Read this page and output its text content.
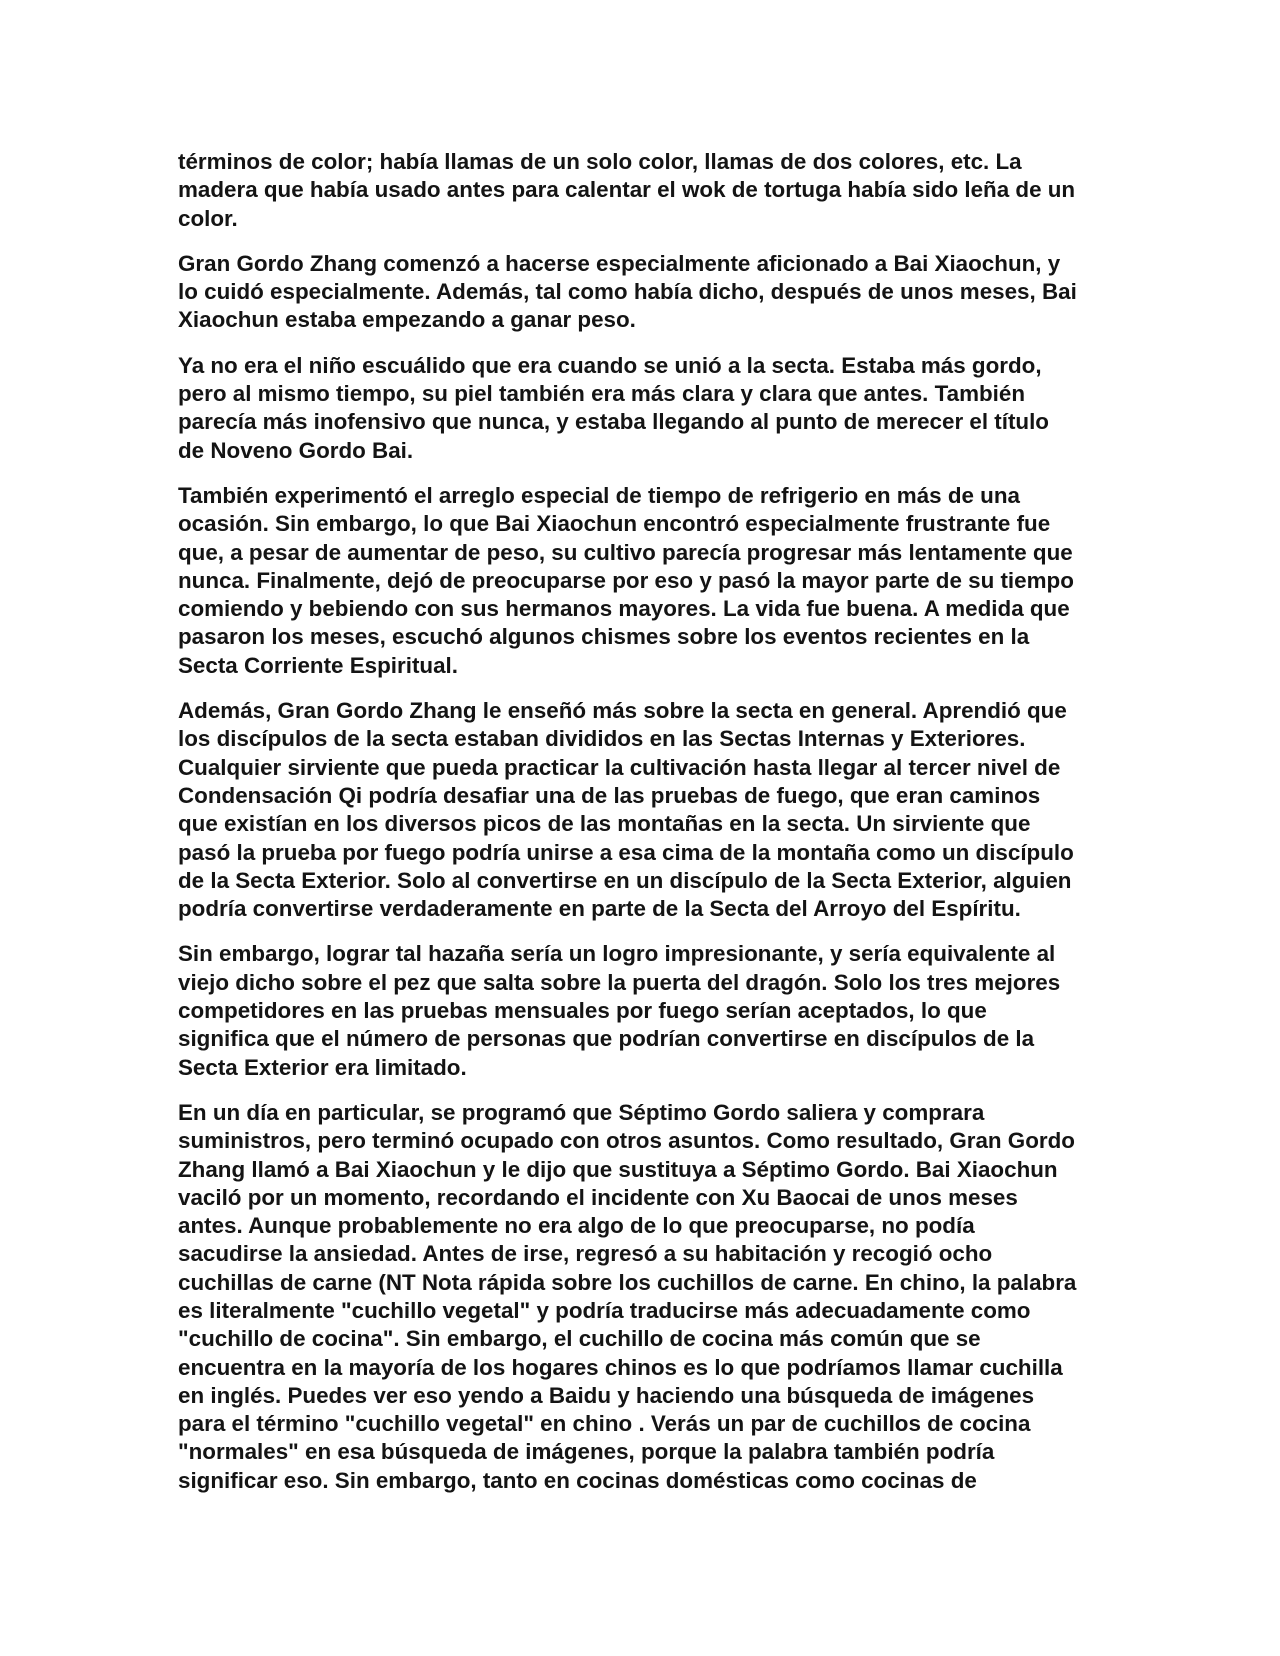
términos de color; había llamas de un solo color, llamas de dos colores, etc. La
madera que había usado antes para calentar el wok de tortuga había sido leña de un
color.

Gran Gordo Zhang comenzó a hacerse especialmente aficionado a Bai Xiaochun, y
lo cuidó especialmente. Además, tal como había dicho, después de unos meses, Bai
Xiaochun estaba empezando a ganar peso.

Ya no era el niño escuálido que era cuando se unió a la secta. Estaba más gordo,
pero al mismo tiempo, su piel también era más clara y clara que antes. También
parecía más inofensivo que nunca, y estaba llegando al punto de merecer el título
de Noveno Gordo Bai.

También experimentó el arreglo especial de tiempo de refrigerio en más de una
ocasión. Sin embargo, lo que Bai Xiaochun encontró especialmente frustrante fue
que, a pesar de aumentar de peso, su cultivo parecía progresar más lentamente que
nunca. Finalmente, dejó de preocuparse por eso y pasó la mayor parte de su tiempo
comiendo y bebiendo con sus hermanos mayores. La vida fue buena. A medida que
pasaron los meses, escuchó algunos chismes sobre los eventos recientes en la
Secta Corriente Espiritual.

Además, Gran Gordo Zhang le enseñó más sobre la secta en general. Aprendió que
los discípulos de la secta estaban divididos en las Sectas Internas y Exteriores.
Cualquier sirviente que pueda practicar la cultivación hasta llegar al tercer nivel de
Condensación Qi podría desafiar una de las pruebas de fuego, que eran caminos
que existían en los diversos picos de las montañas en la secta. Un sirviente que
pasó la prueba por fuego podría unirse a esa cima de la montaña como un discípulo
de la Secta Exterior. Solo al convertirse en un discípulo de la Secta Exterior, alguien
podría convertirse verdaderamente en parte de la Secta del Arroyo del Espíritu.

Sin embargo, lograr tal hazaña sería un logro impresionante, y sería equivalente al
viejo dicho sobre el pez que salta sobre la puerta del dragón. Solo los tres mejores
competidores en las pruebas mensuales por fuego serían aceptados, lo que
significa que el número de personas que podrían convertirse en discípulos de la
Secta Exterior era limitado.

En un día en particular, se programó que Séptimo Gordo saliera y comprara
suministros, pero terminó ocupado con otros asuntos. Como resultado, Gran Gordo
Zhang llamó a Bai Xiaochun y le dijo que sustituya a Séptimo Gordo. Bai Xiaochun
vaciló por un momento, recordando el incidente con Xu Baocai de unos meses
antes. Aunque probablemente no era algo de lo que preocuparse, no podía
sacudirse la ansiedad. Antes de irse, regresó a su habitación y recogió ocho
cuchillas de carne (NT Nota rápida sobre los cuchillos de carne. En chino, la palabra
es literalmente "cuchillo vegetal" y podría traducirse más adecuadamente como
"cuchillo de cocina". Sin embargo, el cuchillo de cocina más común que se
encuentra en la mayoría de los hogares chinos es lo que podríamos llamar cuchilla
en inglés. Puedes ver eso yendo a Baidu y haciendo una búsqueda de imágenes
para el término "cuchillo vegetal" en chino . Verás un par de cuchillos de cocina
"normales" en esa búsqueda de imágenes, porque la palabra también podría
significar eso. Sin embargo, tanto en cocinas domésticas como cocinas de
